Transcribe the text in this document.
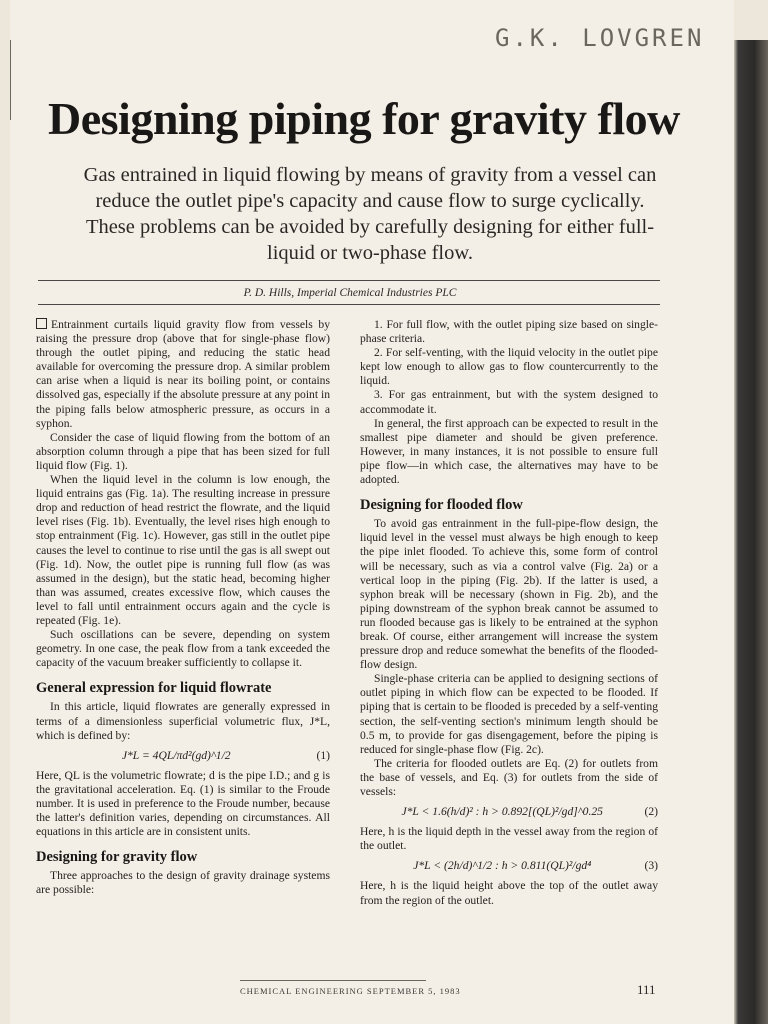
G.K. LOVGREN
Designing piping for gravity flow
Gas entrained in liquid flowing by means of gravity from a vessel can reduce the outlet pipe's capacity and cause flow to surge cyclically. These problems can be avoided by carefully designing for either full-liquid or two-phase flow.
P. D. Hills, Imperial Chemical Industries PLC

Entrainment curtails liquid gravity flow from vessels by raising the pressure drop (above that for single-phase flow) through the outlet piping, and reducing the static head available for overcoming the pressure drop. A similar problem can arise when a liquid is near its boiling point, or contains dissolved gas, especially if the absolute pressure at any point in the piping falls below atmospheric pressure, as occurs in a syphon.

Consider the case of liquid flowing from the bottom of an absorption column through a pipe that has been sized for full liquid flow (Fig. 1).

When the liquid level in the column is low enough, the liquid entrains gas (Fig. 1a). The resulting increase in pressure drop and reduction of head restrict the flowrate, and the liquid level rises (Fig. 1b). Eventually, the level rises high enough to stop entrainment (Fig. 1c). However, gas still in the outlet pipe causes the level to continue to rise until the gas is all swept out (Fig. 1d). Now, the outlet pipe is running full flow (as was assumed in the design), but the static head, becoming higher than was assumed, creates excessive flow, which causes the level to fall until entrainment occurs again and the cycle is repeated (Fig. 1e).

Such oscillations can be severe, depending on system geometry. In one case, the peak flow from a tank exceeded the capacity of the vacuum breaker sufficiently to collapse it.

General expression for liquid flowrate

In this article, liquid flowrates are generally expressed in terms of a dimensionless superficial volumetric flux, J*L, which is defined by:

J*L = 4QL/πd²(gd)^1/2	(1)

Here, QL is the volumetric flowrate; d is the pipe I.D.; and g is the gravitational acceleration. Eq. (1) is similar to the Froude number. It is used in preference to the Froude number, because the latter's definition varies, depending on circumstances. All equations in this article are in consistent units.

Designing for gravity flow

Three approaches to the design of gravity drainage systems are possible:

1. For full flow, with the outlet piping size based on single-phase criteria.

2. For self-venting, with the liquid velocity in the outlet pipe kept low enough to allow gas to flow countercurrently to the liquid.

3. For gas entrainment, but with the system designed to accommodate it.

In general, the first approach can be expected to result in the smallest pipe diameter and should be given preference. However, in many instances, it is not possible to ensure full pipe flow—in which case, the alternatives may have to be adopted.

Designing for flooded flow

To avoid gas entrainment in the full-pipe-flow design, the liquid level in the vessel must always be high enough to keep the pipe inlet flooded. To achieve this, some form of control will be necessary, such as via a control valve (Fig. 2a) or a vertical loop in the piping (Fig. 2b). If the latter is used, a syphon break will be necessary (shown in Fig. 2b), and the piping downstream of the syphon break cannot be assumed to run flooded because gas is likely to be entrained at the syphon break. Of course, either arrangement will increase the system pressure drop and reduce somewhat the benefits of the flooded-flow design.

Single-phase criteria can be applied to designing sections of outlet piping in which flow can be expected to be flooded. If piping that is certain to be flooded is preceded by a self-venting section, the self-venting section's minimum length should be 0.5 m, to provide for gas disengagement, before the piping is reduced for single-phase flow (Fig. 2c).

The criteria for flooded outlets are Eq. (2) for outlets from the base of vessels, and Eq. (3) for outlets from the side of vessels:

J*L < 1.6(h/d)² : h > 0.892[(QL)²/gd]^0.25	(2)

Here, h is the liquid depth in the vessel away from the region of the outlet.

J*L < (2h/d)^1/2 : h > 0.811(QL)²/gd⁴	(3)

Here, h is the liquid height above the top of the outlet away from the region of the outlet.

CHEMICAL ENGINEERING SEPTEMBER 5, 1983	111
